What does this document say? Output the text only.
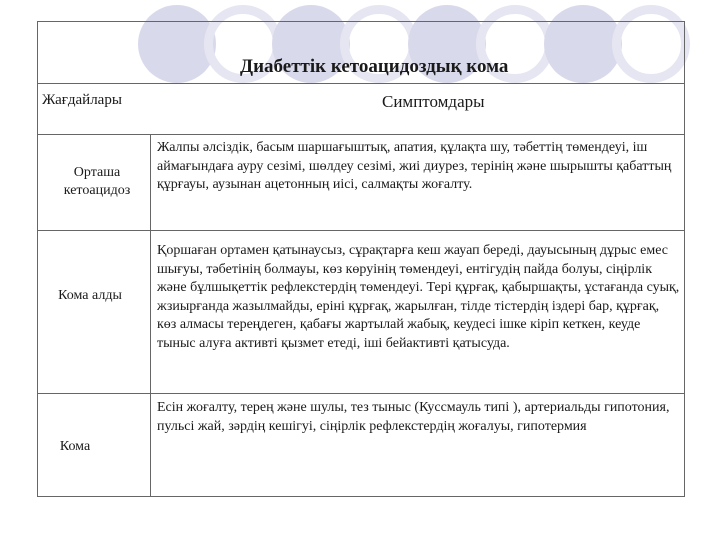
Диабеттік кетоацидоздық кома
Жағдайлары	Симптомдары
Орташа кетоацидоз
Жалпы әлсіздік, басым шаршағыштық, апатия, құлақта шу, тәбеттің төмендеуі, іш аймағындаға ауру сезімі, шөлдеу сезімі, жиі диурез, терінің және шырышты қабаттың құрғауы, аузынан ацетонның иісі, салмақты жоғалту.
Кома алды
Қоршаған ортамен қатынаусыз, сұрақтарға кеш жауап береді, дауысының дұрыс емес шығуы, тәбетінің болмауы, көз көруінің төмендеуі, ентігудің пайда болуы, сіңірлік және бұлшықеттік рефлекстердің төмендеуі. Тері құрғақ, қабыршақты, ұстағанда суық, жзиырғанда жазылмайды, еріні құрғақ, жарылған, тілде тістердің іздері бар, құрғақ, көз алмасы тереңдеген, қабағы жартылай жабық, кеудесі ішке кіріп кеткен, кеуде тыныс алуға активті қызмет етеді, іші бейактивті қатысуда.
Кома
Есін жоғалту, терең және шулы, тез тыныс (Куссмауль типі ), артериальды гипотония, пульсі жай, зәрдің кешігуі, сіңірлік рефлекстердің жоғалуы, гипотермия
